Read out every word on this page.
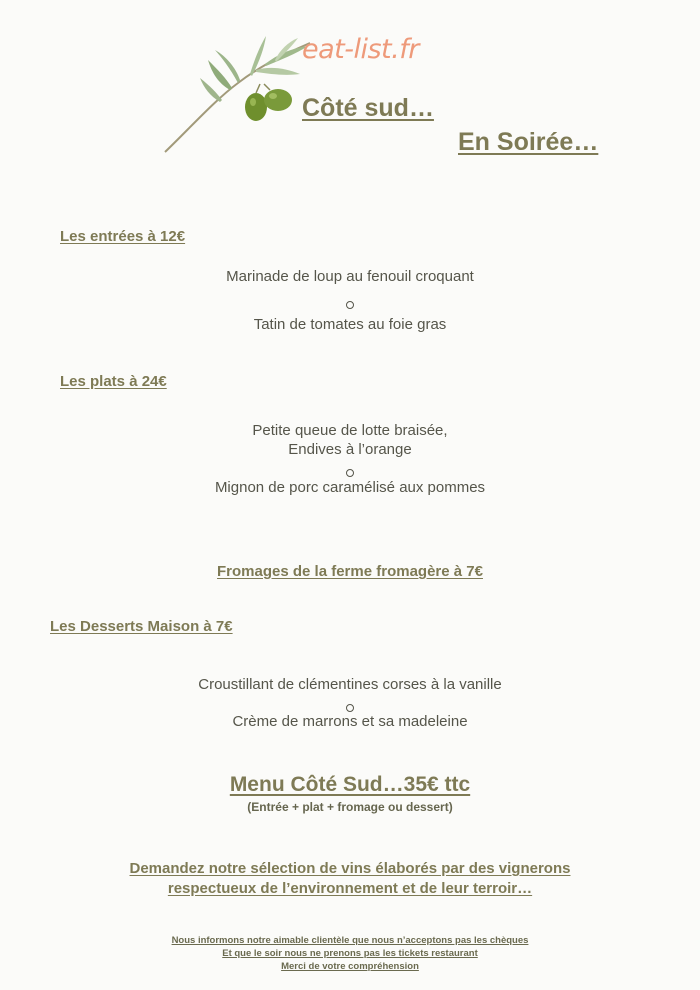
eat-list.fr
Côté sud…
En Soirée…
Les entrées à 12€
Marinade de loup au fenouil croquant
Tatin de tomates au foie gras
Les plats à 24€
Petite queue de lotte braisée,
Endives à l’orange
Mignon de porc caramélisé aux pommes
Fromages de la ferme fromagère à 7€
Les Desserts Maison à 7€
Croustillant de clémentines corses à la vanille
Crème de marrons et sa madeleine
Menu Côté Sud…35€ ttc
(Entrée + plat + fromage ou dessert)
Demandez notre sélection de vins élaborés par des vignerons
respectueux de l’environnement et de leur terroir…
Nous informons notre aimable clientèle que nous n’acceptons pas les chèques
Et que le soir nous ne prenons pas les tickets restaurant
Merci de votre compréhension
